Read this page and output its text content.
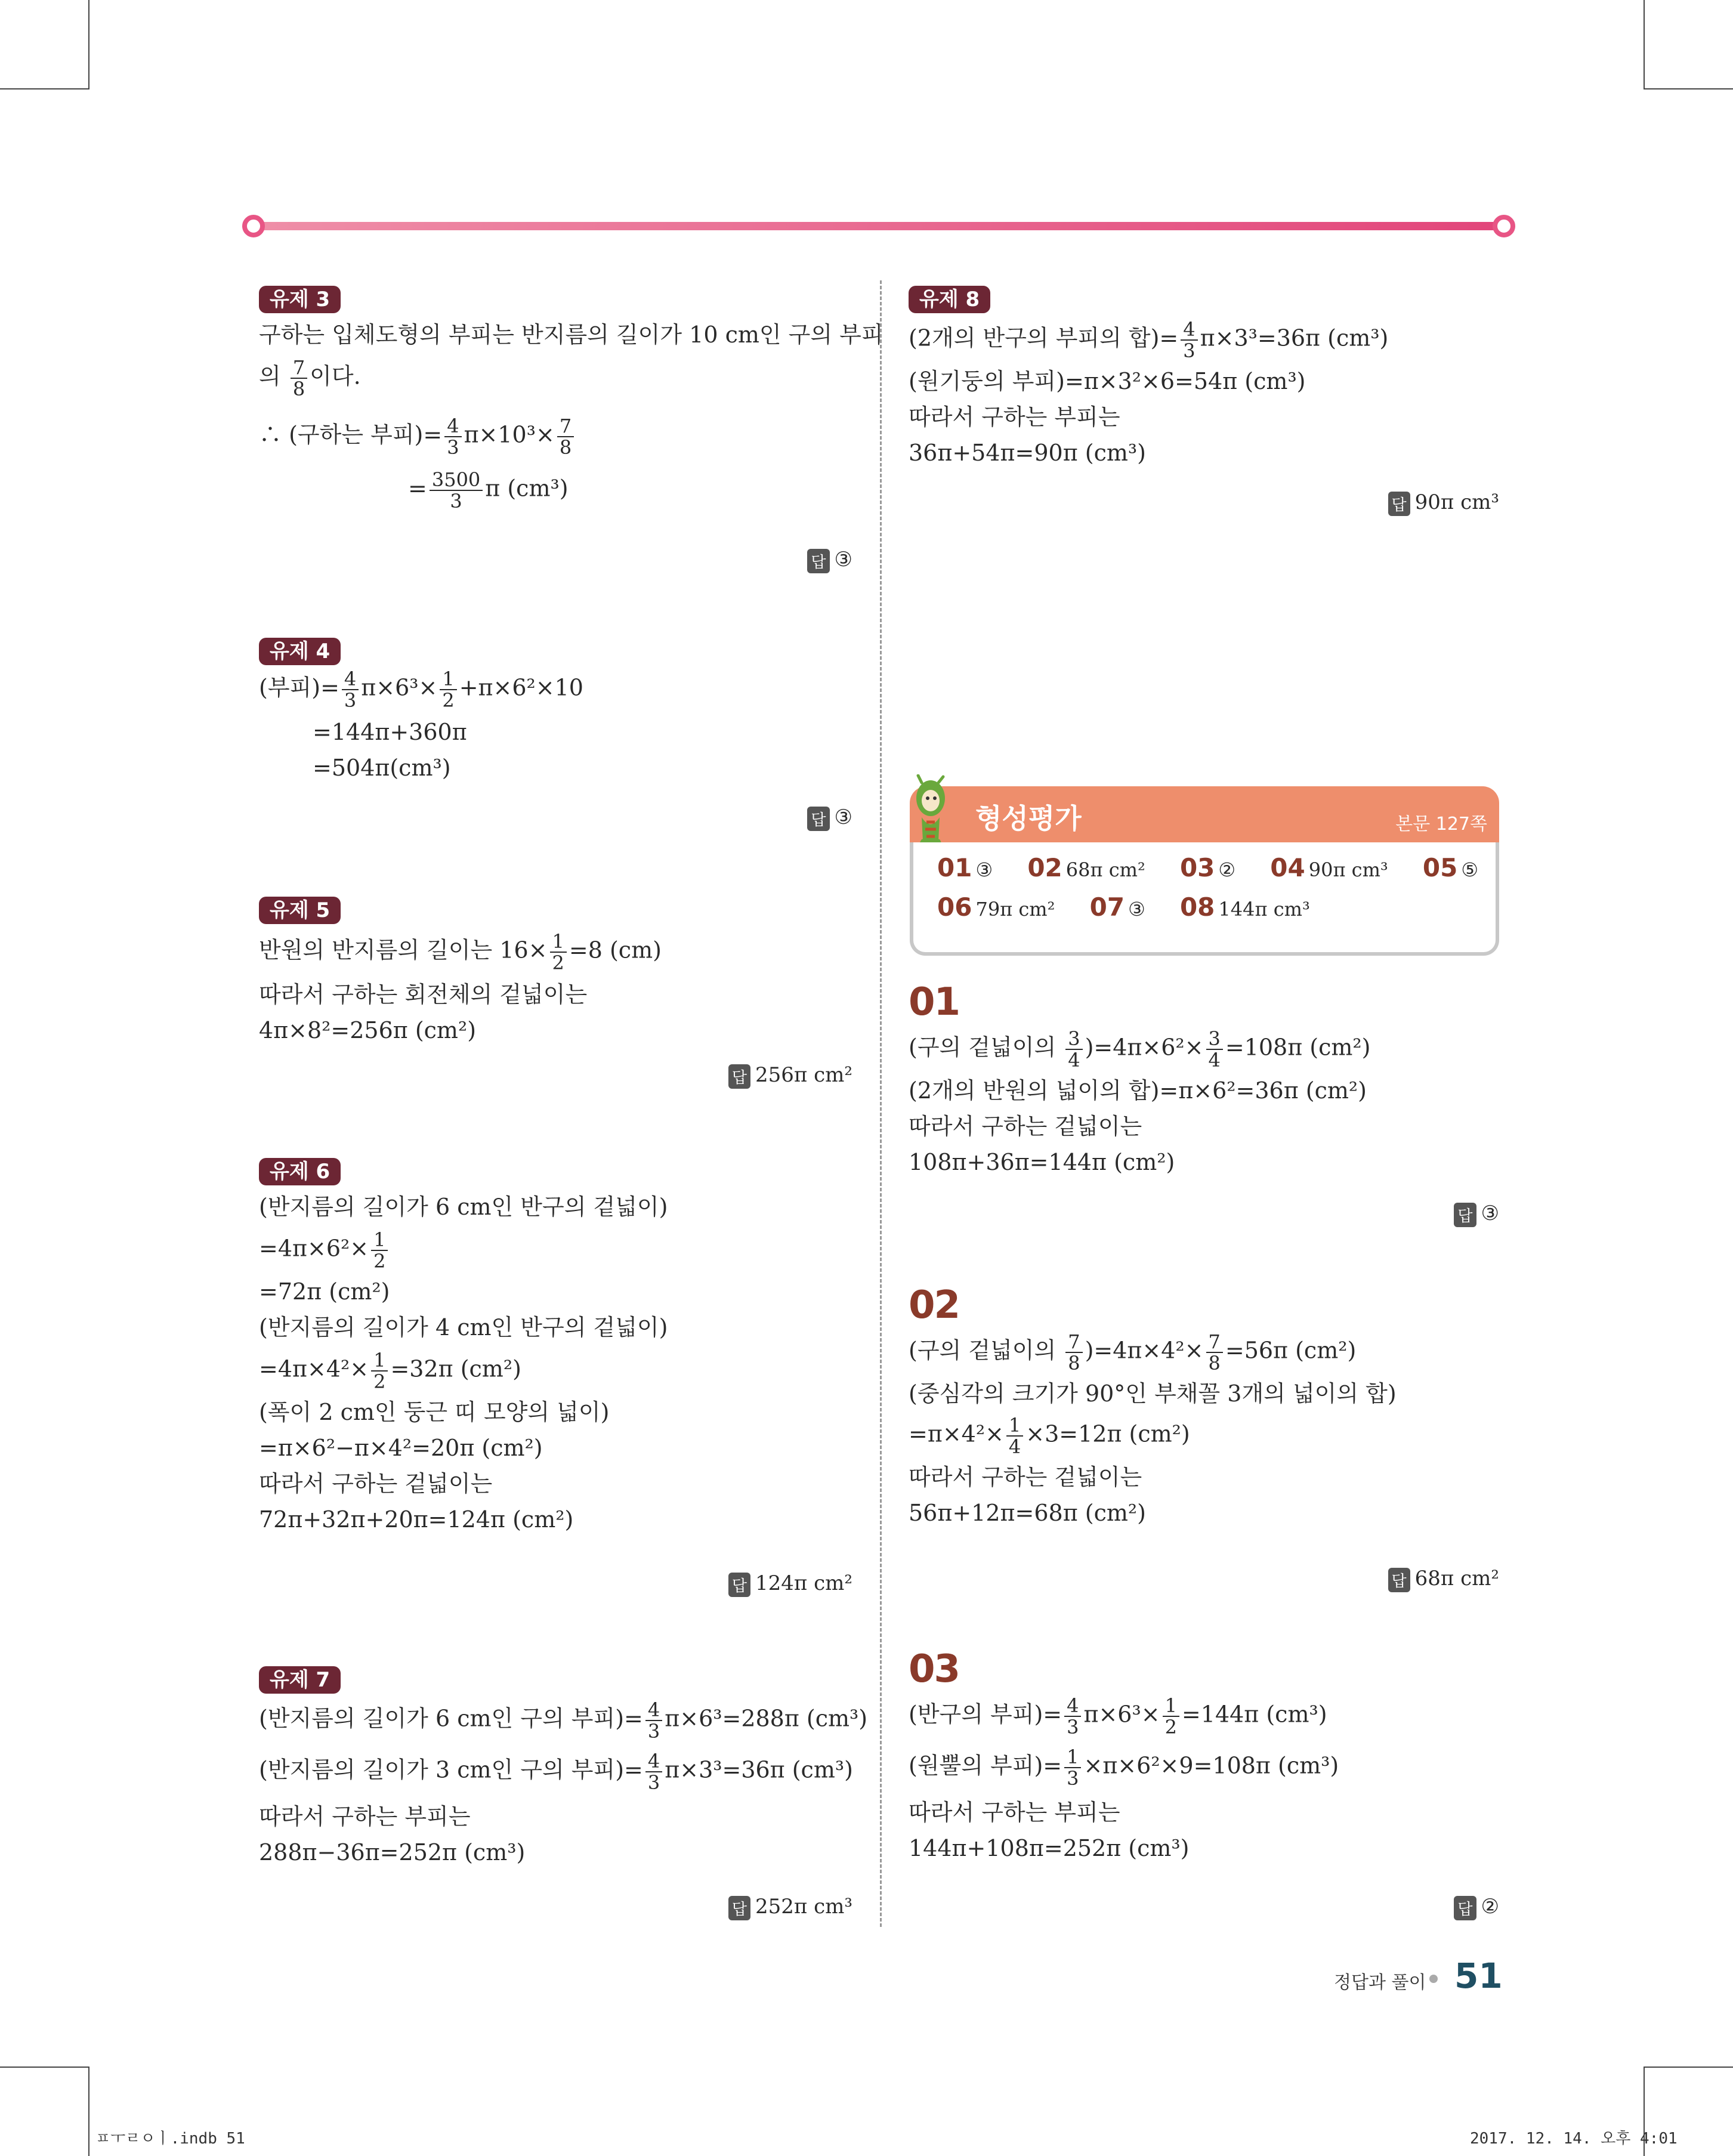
유제 3
구하는 입체도형의 부피는 반지름의 길이가 10 cm인 구의 부피
의 $\frac{7}{8}$ 이다.
∴ (구하는 부피)= $\frac{4}{3} \pi\times 10^3\times \frac{7}{8}$
= $\frac{3500}{3}$ π (cm³)
답 ③
유제 4
(부피)= $\frac{4}{3} \pi\times 6^3\times \frac{1}{2} +\pi\times 6^2\times 10$
=144π+360π
=504π(cm³)
답 ③
유제 5
반원의 반지름의 길이는 $16\times \frac{1}{2} =8$ (cm)
따라서 구하는 회전체의 겉넓이는
4π×8²=256π (cm²)
답 256π cm²
유제 6
(반지름의 길이가 6 cm인 반구의 겉넓이)
$=4\pi\times 6^2\times \frac{1}{2}$
=72π (cm²)
(반지름의 길이가 4 cm인 반구의 겉넓이)
$=4\pi\times 4^2\times \frac{1}{2} =32\pi$ (cm²)
(폭이 2 cm인 둥근 띠 모양의 넓이)
=π×6²−π×4²=20π (cm²)
따라서 구하는 겉넓이는
72π+32π+20π=124π (cm²)
답 124π cm²
유제 7
(반지름의 길이가 6 cm인 구의 부피)= $\frac{4}{3} \pi\times 6^3=288\pi$ (cm³)
(반지름의 길이가 3 cm인 구의 부피)= $\frac{4}{3} \pi\times 3^3=36\pi$ (cm³)
따라서 구하는 부피는
288π−36π=252π (cm³)
답 252π cm³
유제 8
(2개의 반구의 부피의 합)= $\frac{4}{3} \pi\times 3^3=36\pi$ (cm³)
(원기둥의 부피)=π×3²×6=54π (cm³)
따라서 구하는 부피는
36π+54π=90π (cm³)
답 90π cm³
형성평가	본문 127쪽
01 ③ 02 68π cm² 03 ② 04 90π cm³ 05 ⑤
06 79π cm² 07 ③ 08 144π cm³
01
(구의 겉넓이의 $\frac{3}{4} )=4\pi\times 6^2\times \frac{3}{4} =108\pi$ (cm²)
(2개의 반원의 넓이의 합)=π×6²=36π (cm²)
따라서 구하는 겉넓이는
108π+36π=144π (cm²)
답 ③
02
(구의 겉넓이의 $\frac{7}{8} )=4\pi\times 4^2\times \frac{7}{8} =56\pi$ (cm²)
(중심각의 크기가 90°인 부채꼴 3개의 넓이의 합)
$=\pi\times 4^2\times \frac{1}{4} \times 3=12\pi$ (cm²)
따라서 구하는 겉넓이는
56π+12π=68π (cm²)
답 68π cm²
03
(반구의 부피)= $\frac{4}{3} \pi\times 6^3\times \frac{1}{2} =144\pi$ (cm³)
(원뿔의 부피)= $\frac{1}{3} \times\pi\times 6^2\times 9=108\pi$ (cm³)
따라서 구하는 부피는
144π+108π=252π (cm³)
답 ②
정답과 풀이 51
ㅍㅜㄹㅇㅣ.indb 51	2017. 12. 14. 오후 4:01
